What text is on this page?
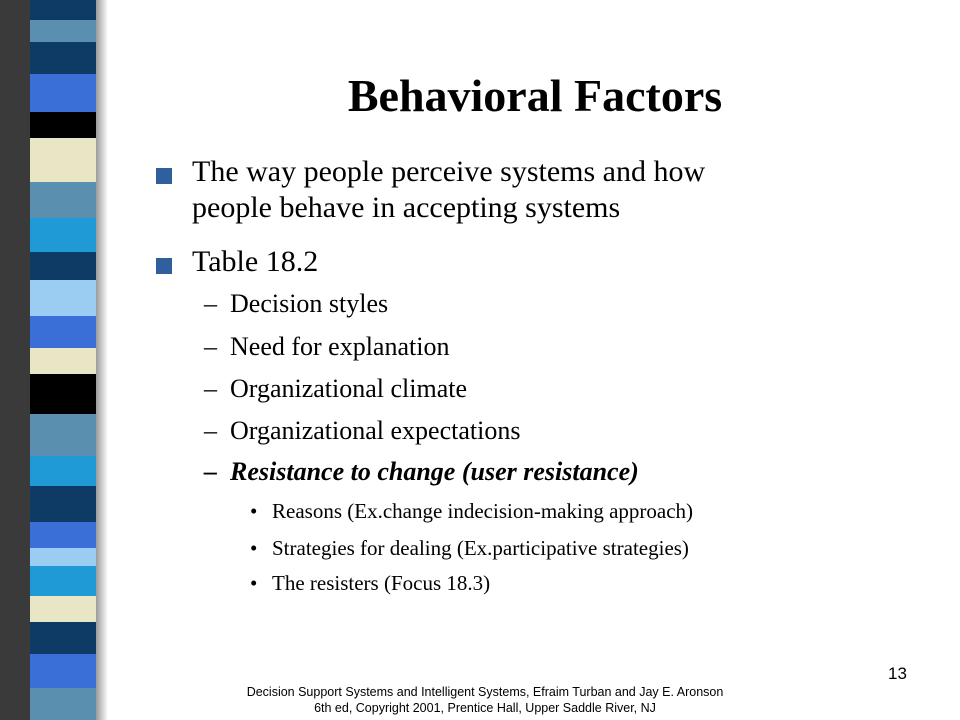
Behavioral Factors
The way people perceive systems and how
people behave in accepting systems
Table 18.2
– Decision styles
– Need for explanation
– Organizational climate
– Organizational expectations
– Resistance to change (user resistance)
• Reasons (Ex.change indecision-making approach)
• Strategies for dealing (Ex.participative strategies)
• The resisters (Focus 18.3)
13
Decision Support Systems and Intelligent Systems, Efraim Turban and Jay E. Aronson
6th ed, Copyright 2001, Prentice Hall, Upper Saddle River, NJ
